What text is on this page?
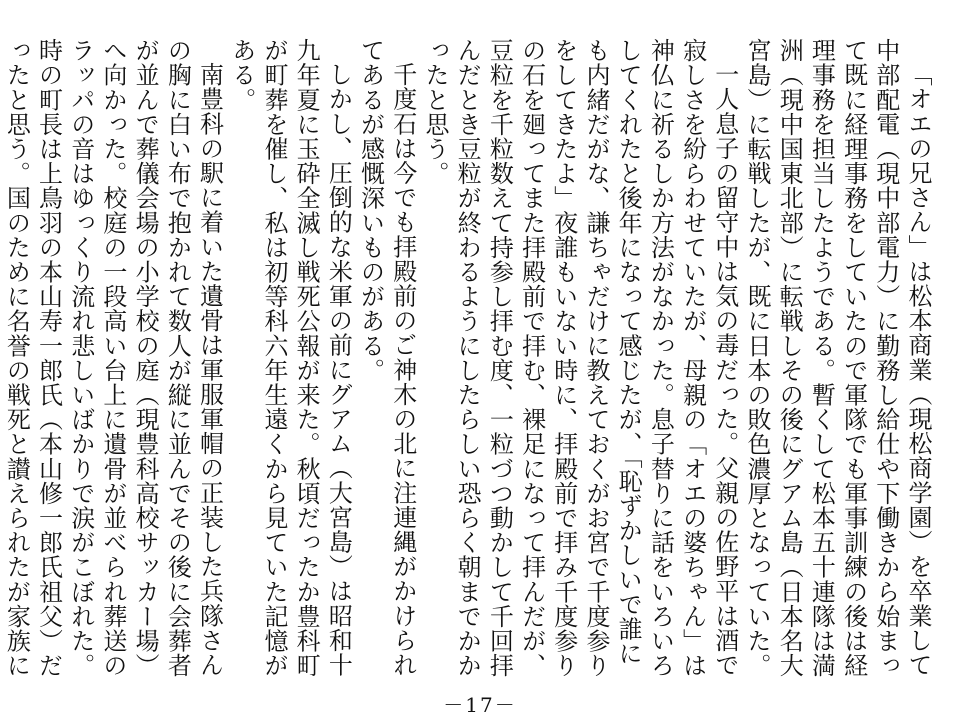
「オエの兄さん」は松本商業（現松商学園）を卒業して中部配電（現中部電力）に勤務し給仕や下働きから始まって既に経理事務をしていたので軍隊でも軍事訓練の後は経理事務を担当したようである。暫くして松本五十連隊は満洲（現中国東北部）に転戦しその後にグアム島（日本名大宮島）に転戦したが、既に日本の敗色濃厚となっていた。

一人息子の留守中は気の毒だった。父親の佐野平は酒で寂しさを紛らわせていたが、母親の「オエの婆ちゃん」は神仏に祈るしか方法がなかった。息子替りに話をいろいろしてくれたと後年になって感じたが、「恥ずかしいで誰にも内緒だがな、謙ちゃだけに教えておくがお宮で千度参りをしてきたよ」夜誰もいない時に、拝殿前で拝み千度参りの石を廻ってまた拝殿前で拝む、裸足になって拝んだが、豆粒を千粒数えて持参し拝む度、一粒づつ動かして千回拝んだとき豆粒が終わるようにしたらしい恐らく朝までかかったと思う。

千度石は今でも拝殿前のご神木の北に注連縄がかけられてあるが感慨深いものがある。

しかし、圧倒的な米軍の前にグアム（大宮島）は昭和十九年夏に玉砕全滅し戦死公報が来た。秋頃だったか豊科町が町葬を催し、私は初等科六年生遠くから見ていた記憶がある。

南豊科の駅に着いた遺骨は軍服軍帽の正装した兵隊さんの胸に白い布で抱かれて数人が縦に並んでその後に会葬者が並んで葬儀会場の小学校の庭（現豊科高校サッカー場）へ向かった。校庭の一段高い台上に遺骨が並べられ葬送のラッパの音はゆっくり流れ悲しいばかりで涙がこぼれた。時の町長は上鳥羽の本山寿一郎氏（本山修一郎氏祖父）だったと思う。国のために名誉の戦死と讃えられたが家族に

－17－
